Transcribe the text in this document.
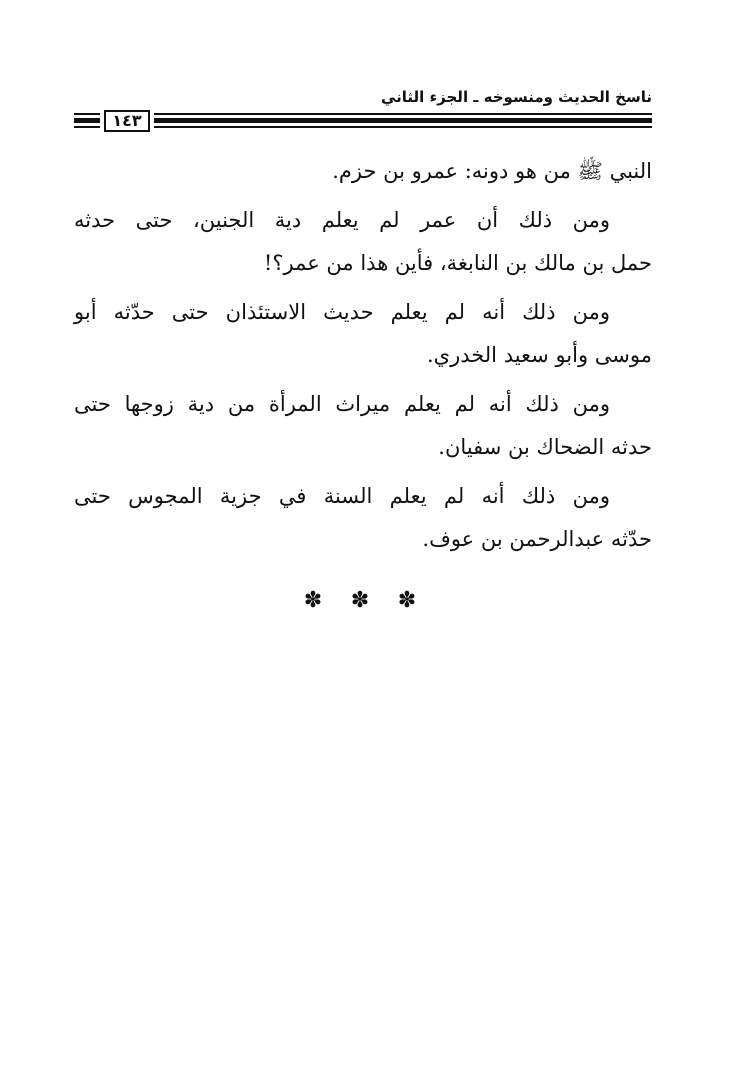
ناسخ الحديث ومنسوخه ـ الجزء الثاني
١٤٣
النبي ﷺ من هو دونه: عمرو بن حزم.
ومن ذلك أن عمر لم يعلم دية الجنين، حتى حدثه
حمل بن مالك بن النابغة، فأين هذا من عمر؟!
ومن ذلك أنه لم يعلم حديث الاستئذان حتى حدّثه أبو
موسى وأبو سعيد الخدري.
ومن ذلك أنه لم يعلم ميراث المرأة من دية زوجها حتى
حدثه الضحاك بن سفيان.
ومن ذلك أنه لم يعلم السنة في جزية المجوس حتى
حدّثه عبدالرحمن بن عوف.
✽ ✽ ✽
